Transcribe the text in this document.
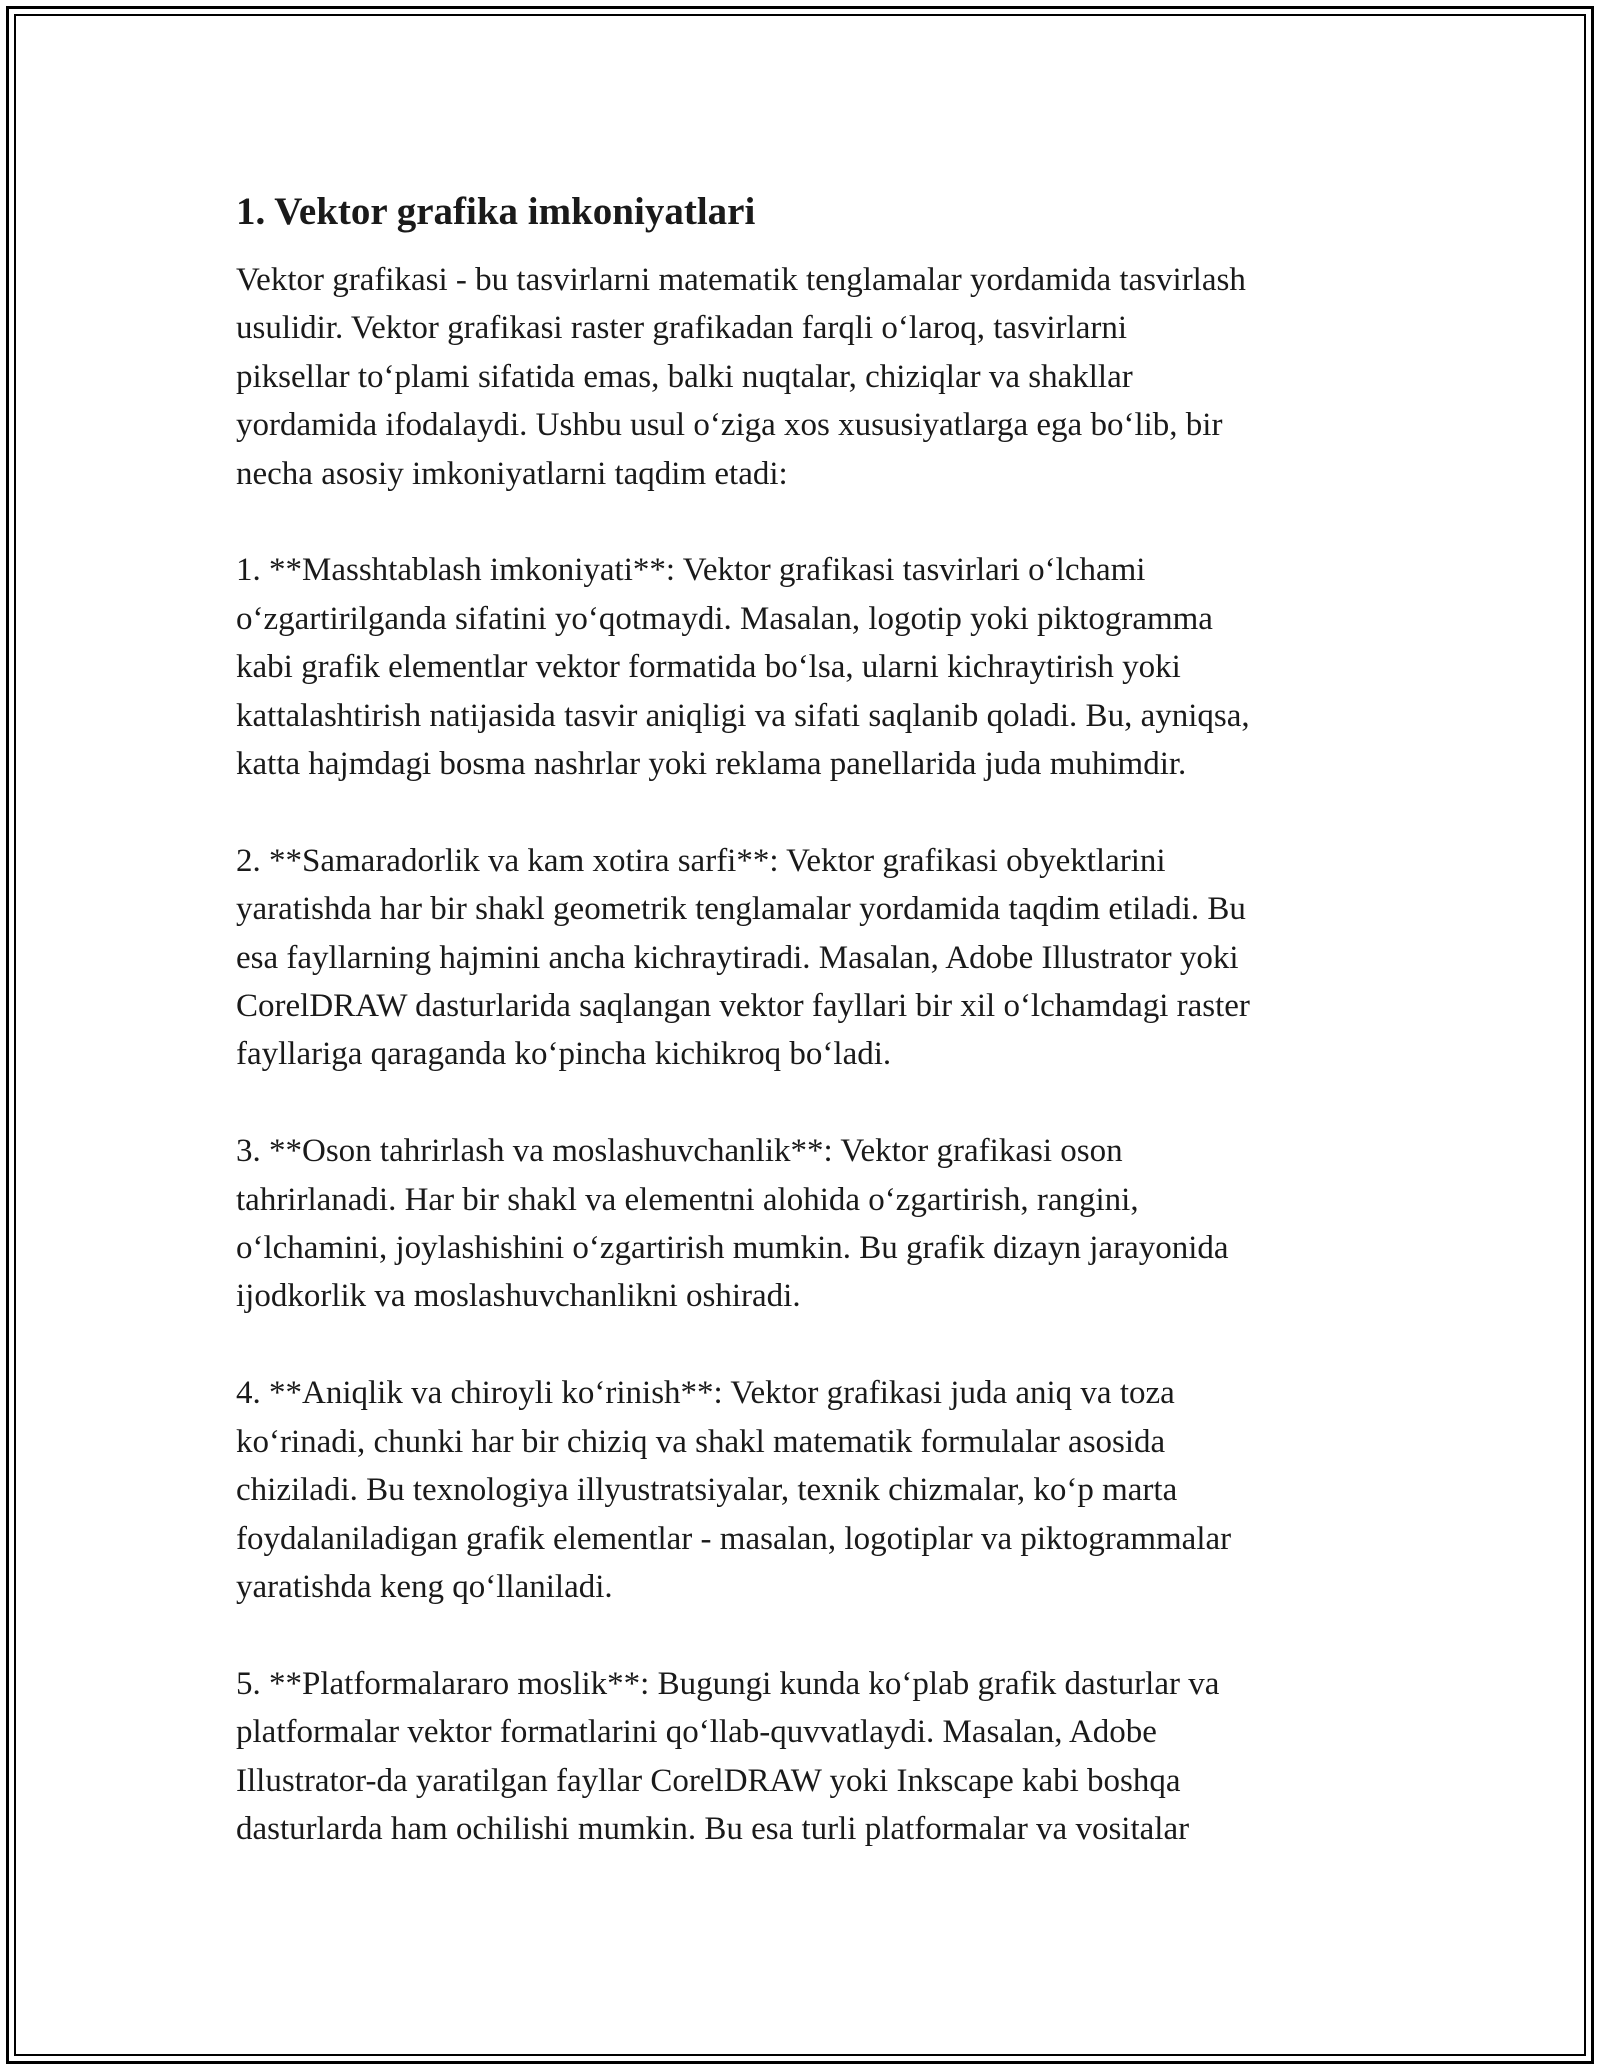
1. Vektor grafika imkoniyatlari
Vektor grafikasi - bu tasvirlarni matematik tenglamalar yordamida tasvirlash
usulidir. Vektor grafikasi raster grafikadan farqli o‘laroq, tasvirlarni
piksellar to‘plami sifatida emas, balki nuqtalar, chiziqlar va shakllar
yordamida ifodalaydi. Ushbu usul o‘ziga xos xususiyatlarga ega bo‘lib, bir
necha asosiy imkoniyatlarni taqdim etadi:
1. **Masshtablash imkoniyati**: Vektor grafikasi tasvirlari o‘lchami
o‘zgartirilganda sifatini yo‘qotmaydi. Masalan, logotip yoki piktogramma
kabi grafik elementlar vektor formatida bo‘lsa, ularni kichraytirish yoki
kattalashtirish natijasida tasvir aniqligi va sifati saqlanib qoladi. Bu, ayniqsa,
katta hajmdagi bosma nashrlar yoki reklama panellarida juda muhimdir.
2. **Samaradorlik va kam xotira sarfi**: Vektor grafikasi obyektlarini
yaratishda har bir shakl geometrik tenglamalar yordamida taqdim etiladi. Bu
esa fayllarning hajmini ancha kichraytiradi. Masalan, Adobe Illustrator yoki
CorelDRAW dasturlarida saqlangan vektor fayllari bir xil o‘lchamdagi raster
fayllariga qaraganda ko‘pincha kichikroq bo‘ladi.
3. **Oson tahrirlash va moslashuvchanlik**: Vektor grafikasi oson
tahrirlanadi. Har bir shakl va elementni alohida o‘zgartirish, rangini,
o‘lchamini, joylashishini o‘zgartirish mumkin. Bu grafik dizayn jarayonida
ijodkorlik va moslashuvchanlikni oshiradi.
4. **Aniqlik va chiroyli ko‘rinish**: Vektor grafikasi juda aniq va toza
ko‘rinadi, chunki har bir chiziq va shakl matematik formulalar asosida
chiziladi. Bu texnologiya illyustratsiyalar, texnik chizmalar, ko‘p marta
foydalaniladigan grafik elementlar - masalan, logotiplar va piktogrammalar
yaratishda keng qo‘llaniladi.
5. **Platformalararo moslik**: Bugungi kunda ko‘plab grafik dasturlar va
platformalar vektor formatlarini qo‘llab-quvvatlaydi. Masalan, Adobe
Illustrator-da yaratilgan fayllar CorelDRAW yoki Inkscape kabi boshqa
dasturlarda ham ochilishi mumkin. Bu esa turli platformalar va vositalar
